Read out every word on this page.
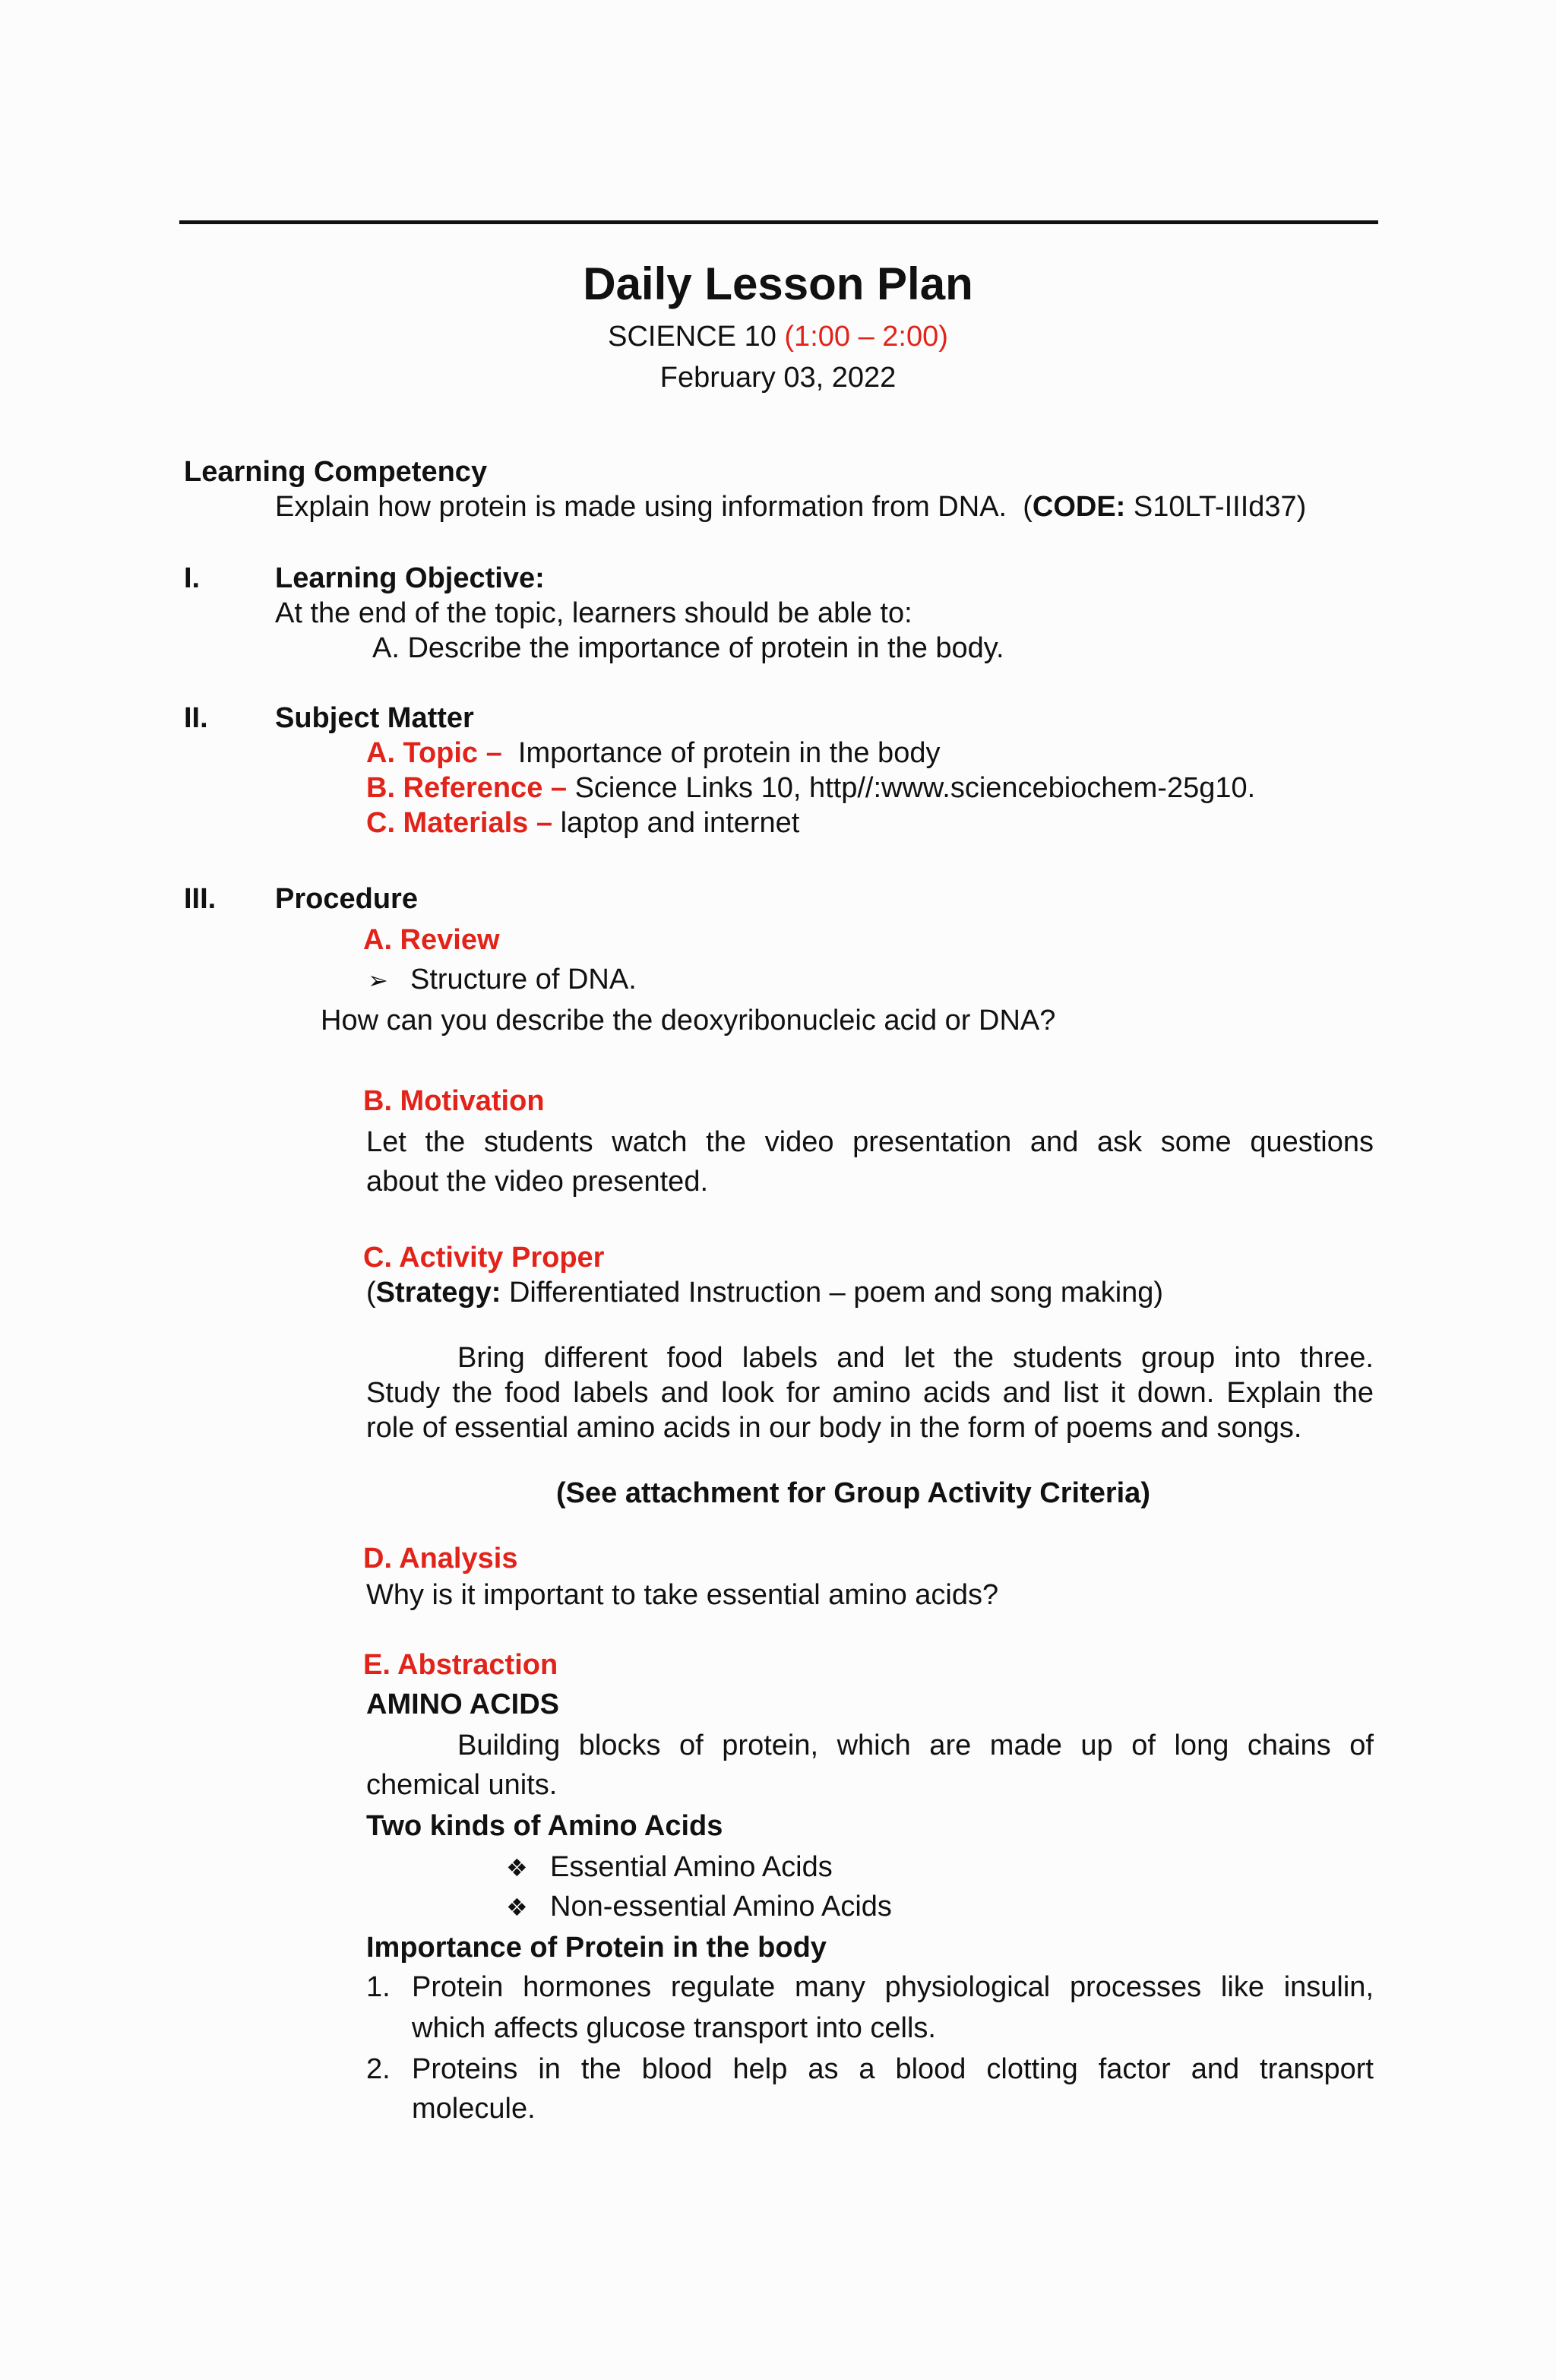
Daily Lesson Plan
SCIENCE 10 (1:00 – 2:00)
February 03, 2022
Learning Competency
Explain how protein is made using information from DNA. (CODE: S10LT-IIId37)
I.	Learning Objective:
At the end of the topic, learners should be able to:
A. Describe the importance of protein in the body.
II. Subject Matter
A. Topic – Importance of protein in the body
B. Reference – Science Links 10, http//:www.sciencebiochem-25g10.
C. Materials – laptop and internet
III. Procedure
A. Review
➢ Structure of DNA.
How can you describe the deoxyribonucleic acid or DNA?
B. Motivation
Let the students watch the video presentation and ask some questions
about the video presented.
C. Activity Proper
(Strategy: Differentiated Instruction – poem and song making)
Bring different food labels and let the students group into three.
Study the food labels and look for amino acids and list it down. Explain the
role of essential amino acids in our body in the form of poems and songs.
(See attachment for Group Activity Criteria)
D. Analysis
Why is it important to take essential amino acids?
E. Abstraction
AMINO ACIDS
Building blocks of protein, which are made up of long chains of
chemical units.
Two kinds of Amino Acids
❖ Essential Amino Acids
❖ Non-essential Amino Acids
Importance of Protein in the body
1. Protein hormones regulate many physiological processes like insulin,
which affects glucose transport into cells.
2. Proteins in the blood help as a blood clotting factor and transport
molecule.
